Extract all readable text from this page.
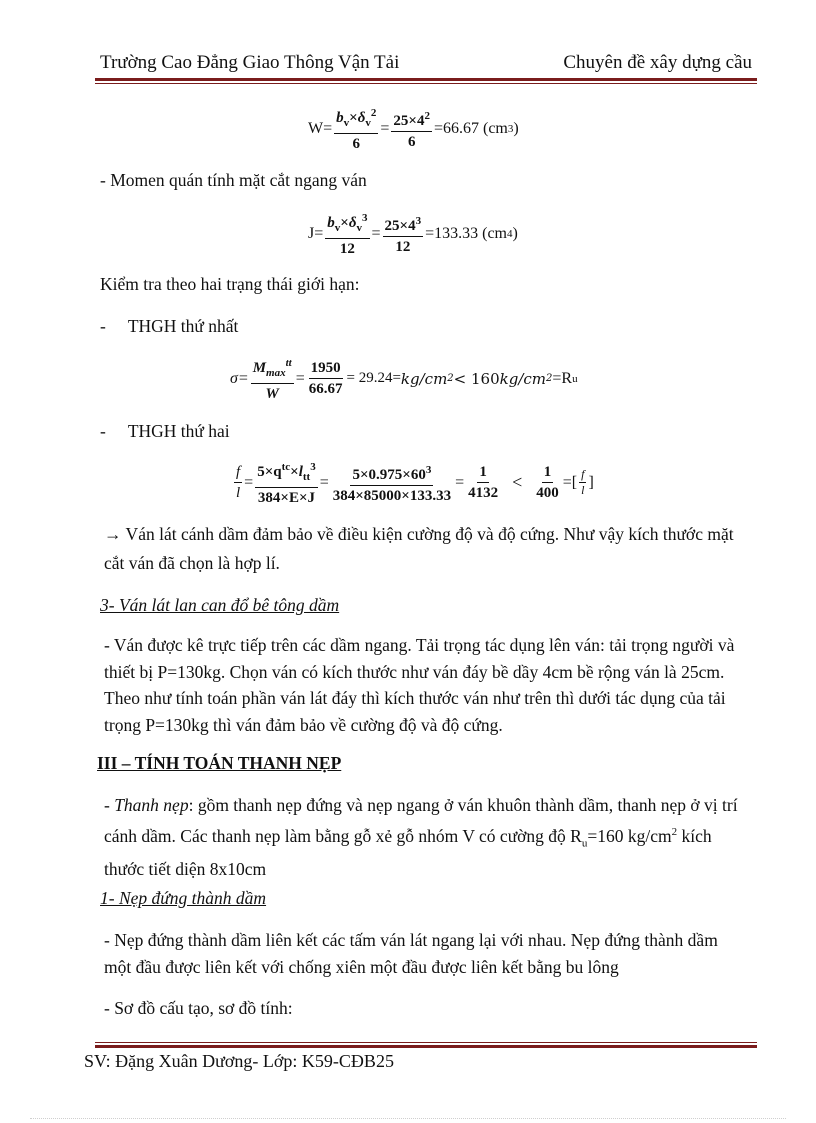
Trường Cao Đẳng Giao Thông Vận Tải	Chuyên đề xây dựng cầu
$W= \frac{b_v\times\delta_v^2}{6} = \frac{25\times 4^2}{6} =66.67$ (cm 3 )
- Momen quán tính mặt cắt ngang ván
$J= \frac{b_v\times\delta_v^3}{12} = \frac{25\times 4^3}{12} =133.33$ (cm 4 )
Kiểm tra theo hai trạng thái giới hạn:
- THGH thứ nhất
$\sigma= \frac{M_{max}^{tt}}{W} = \frac{1950}{66.67} = 29.24= kg/cm$ 2 < 160 kg/cm 2 =R u
- THGH thứ hai
$\frac{f}{l} = \frac{5\times q^{tc}\times l_{tt}^3}{384\times E\times J} = \frac{5\times 0.975\times 60^3}{384\times 85000\times 133.33} = \frac{1}{4132} < \frac{1}{400}$ =[ $\frac{f}{l}$ ]
→ Ván lát cánh dầm đảm bảo về điều kiện cường độ và độ cứng. Như vậy kích thước mặt cắt ván đã chọn là hợp lí.
3- Ván lát lan can đổ bê tông dầm
- Ván được kê trực tiếp trên các dầm ngang. Tải trọng tác dụng lên ván: tải trọng người và thiết bị P=130kg. Chọn ván có kích thước như ván đáy bề dầy 4cm bề rộng ván là 25cm. Theo như tính toán phần ván lát đáy thì kích thước ván như trên thì dưới tác dụng của tải trọng P=130kg thì ván đảm bảo về cường độ và độ cứng.
III – TÍNH TOÁN THANH NẸP
- Thanh nẹp: gồm thanh nẹp đứng và nẹp ngang ở ván khuôn thành dầm, thanh nẹp ở vị trí cánh dầm. Các thanh nẹp làm bằng gỗ xẻ gỗ nhóm V có cường độ $R_u=160$ $kg/cm^2$ kích thước tiết diện 8x10cm
1- Nẹp đứng thành dầm
- Nẹp đứng thành dầm liên kết các tấm ván lát ngang lại với nhau. Nẹp đứng thành dầm một đầu được liên kết với chống xiên một đầu được liên kết bằng bu lông
- Sơ đồ cấu tạo, sơ đồ tính:
SV: Đặng Xuân Dương- Lớp: K59-CĐB25
